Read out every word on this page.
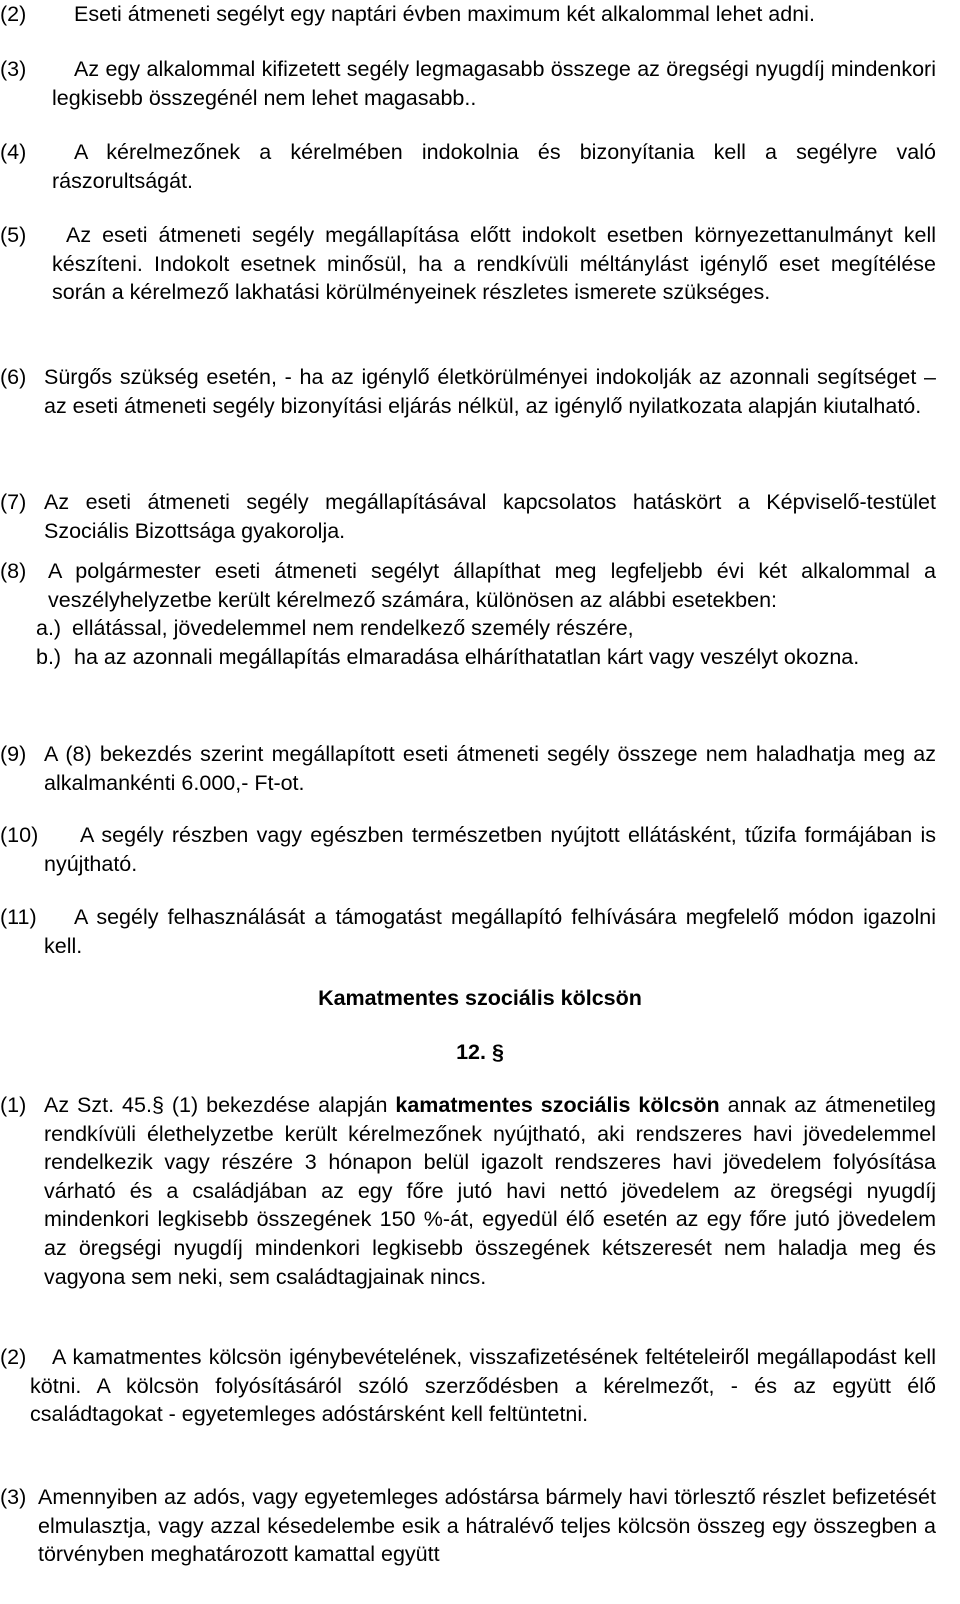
(2)	Eseti átmeneti segélyt egy naptári évben maximum két alkalommal lehet adni.
(3)	Az egy alkalommal kifizetett segély legmagasabb összege az öregségi nyugdíj mindenkori legkisebb összegénél nem lehet magasabb..
(4)	A kérelmezőnek a kérelmében indokolnia és bizonyítania kell a segélyre való rászorultságát.
(5)	Az eseti átmeneti segély megállapítása előtt indokolt esetben környezettanulmányt kell készíteni. Indokolt esetnek minősül, ha a rendkívüli méltánylást igénylő eset megítélése során a kérelmező lakhatási körülményeinek részletes ismerete szükséges.
(6) Sürgős szükség esetén, - ha az igénylő életkörülményei indokolják az azonnali segítséget – az eseti átmeneti segély bizonyítási eljárás nélkül, az igénylő nyilatkozata alapján kiutalható.
(7) Az eseti átmeneti segély megállapításával kapcsolatos hatáskört a Képviselő-testület Szociális Bizottsága gyakorolja.
(8)	A polgármester eseti átmeneti segélyt állapíthat meg legfeljebb évi két alkalommal a veszélyhelyzetbe került kérelmező számára, különösen az alábbi esetekben:
a.) ellátással, jövedelemmel nem rendelkező személy részére,
b.) ha az azonnali megállapítás elmaradása elháríthatatlan kárt vagy veszélyt okozna.
(9) A (8) bekezdés szerint megállapított eseti átmeneti segély összege nem haladhatja meg az alkalmankénti 6.000,- Ft-ot.
(10)	A segély részben vagy egészben természetben nyújtott ellátásként, tűzifa formájában is nyújtható.
(11)	A segély felhasználását a támogatást megállapító felhívására megfelelő módon igazolni kell.
Kamatmentes szociális kölcsön
12. §
(1) Az Szt. 45.§ (1) bekezdése alapján kamatmentes szociális kölcsön annak az átmenetileg rendkívüli élethelyzetbe került kérelmezőnek nyújtható, aki rendszeres havi jövedelemmel rendelkezik vagy részére 3 hónapon belül igazolt rendszeres havi jövedelem folyósítása várható és a családjában az egy főre jutó havi nettó jövedelem az öregségi nyugdíj mindenkori legkisebb összegének 150 %-át, egyedül élő esetén az egy főre jutó jövedelem az öregségi nyugdíj mindenkori legkisebb összegének kétszeresét nem haladja meg és vagyona sem neki, sem családtagjainak nincs.
(2)	A kamatmentes kölcsön igénybevételének, visszafizetésének feltételeiről megállapodást kell kötni. A kölcsön folyósításáról szóló szerződésben a kérelmezőt, - és az együtt élő családtagokat - egyetemleges adóstársként kell feltüntetni.
(3) Amennyiben az adós, vagy egyetemleges adóstársa bármely havi törlesztő részlet befizetését elmulasztja, vagy azzal késedelembe esik a hátralévő teljes kölcsön összeg egy összegben a törvényben meghatározott kamattal együtt
